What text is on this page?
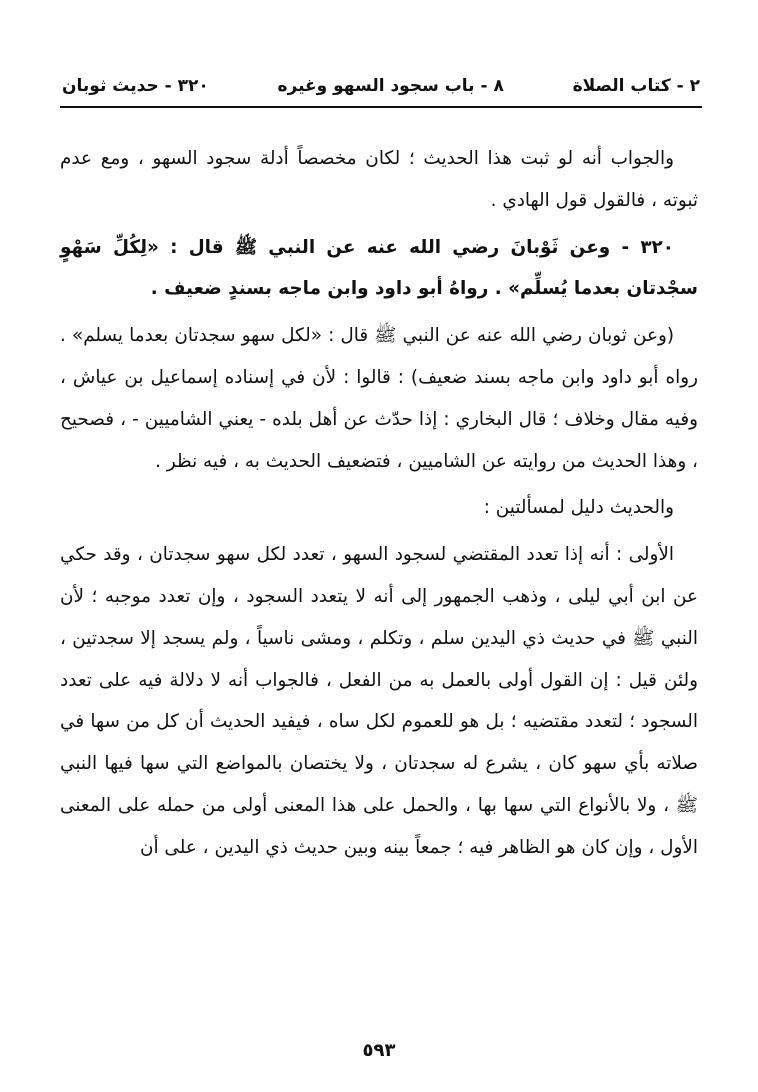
٢ - كتاب الصلاة
٨ - باب سجود السهو وغيره
٣٢٠ - حديث ثوبان

والجواب أنه لو ثبت هذا الحديث ؛ لكان مخصصاً أدلة سجود السهو ، ومع عدم ثبوته ، فالقول قول الهادي .

٣٢٠ - وعن ثَوْبانَ رضي الله عنه عن النبي ﷺ قال : «لِكُلِّ سَهْوٍ سجْدتان بعدما يُسلِّم» . رواهُ أبو داود وابن ماجه بسندٍ ضعيف .

(وعن ثوبان رضي الله عنه عن النبي ﷺ قال : «لكل سهو سجدتان بعدما يسلم» . رواه أبو داود وابن ماجه بسند ضعيف) : قالوا : لأن في إسناده إسماعيل بن عياش ، وفيه مقال وخلاف ؛ قال البخاري : إذا حدّث عن أهل بلده - يعني الشاميين - ، فصحيح ، وهذا الحديث من روايته عن الشاميين ، فتضعيف الحديث به ، فيه نظر .

والحديث دليل لمسألتين :

الأولى : أنه إذا تعدد المقتضي لسجود السهو ، تعدد لكل سهو سجدتان ، وقد حكي عن ابن أبي ليلى ، وذهب الجمهور إلى أنه لا يتعدد السجود ، وإن تعدد موجبه ؛ لأن النبي ﷺ في حديث ذي اليدين سلم ، وتكلم ، ومشى ناسياً ، ولم يسجد إلا سجدتين ، ولئن قيل : إن القول أولى بالعمل به من الفعل ، فالجواب أنه لا دلالة فيه على تعدد السجود ؛ لتعدد مقتضيه ؛ بل هو للعموم لكل ساه ، فيفيد الحديث أن كل من سها في صلاته بأي سهو كان ، يشرع له سجدتان ، ولا يختصان بالمواضع التي سها فيها النبي ﷺ ، ولا بالأنواع التي سها بها ، والحمل على هذا المعنى أولى من حمله على المعنى الأول ، وإن كان هو الظاهر فيه ؛ جمعاً بينه وبين حديث ذي اليدين ، على أن

٥٩٣
